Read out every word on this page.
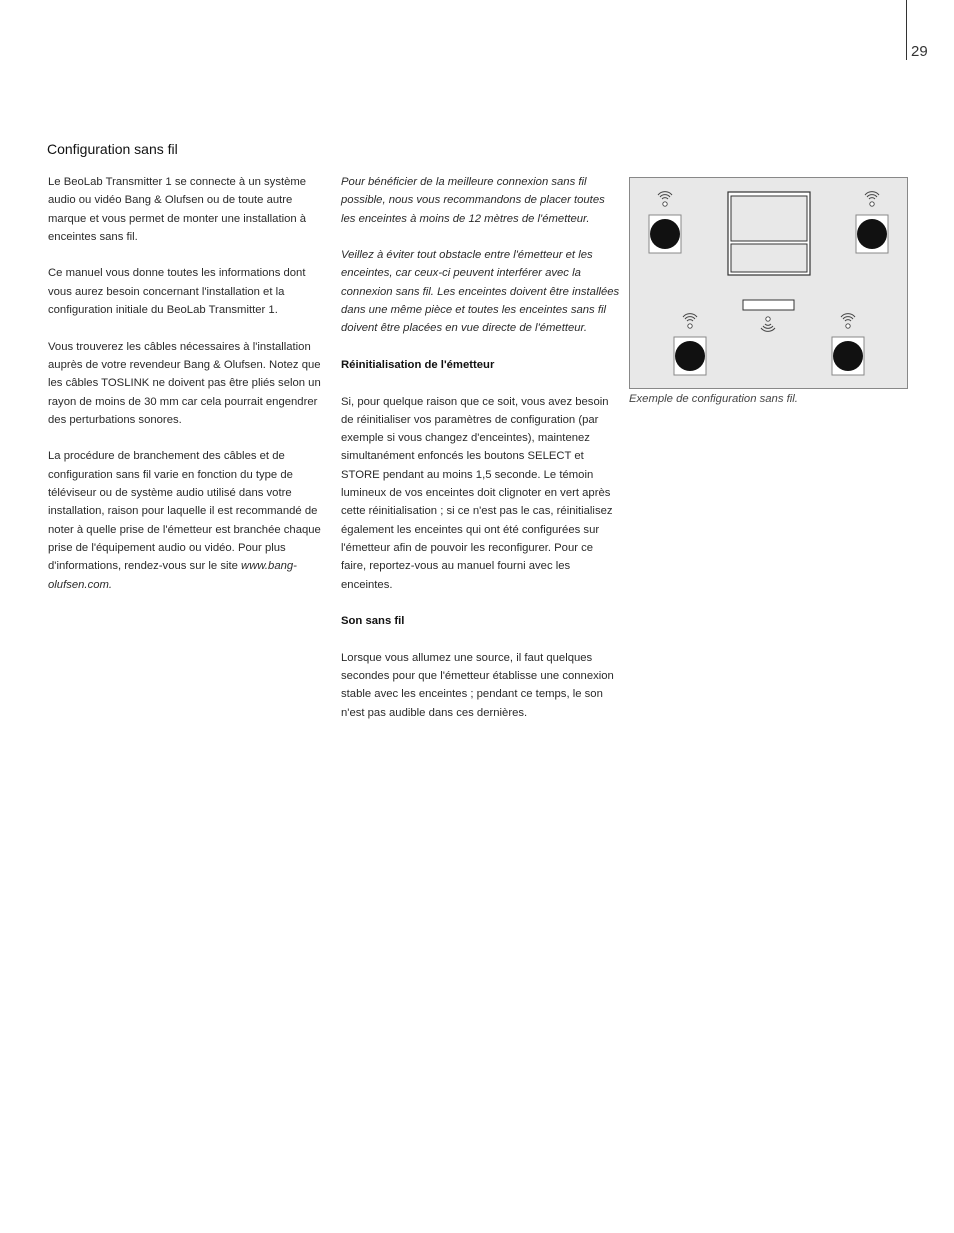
29
Configuration sans fil

Le BeoLab Transmitter 1 se connecte à un système audio ou vidéo Bang & Olufsen ou de toute autre marque et vous permet de monter une installation à enceintes sans fil.

Ce manuel vous donne toutes les informations dont vous aurez besoin concernant l'installation et la configuration initiale du BeoLab Transmitter 1.

Vous trouverez les câbles nécessaires à l'installation auprès de votre revendeur Bang & Olufsen. Notez que les câbles TOSLINK ne doivent pas être pliés selon un rayon de moins de 30 mm car cela pourrait engendrer des perturbations sonores.

La procédure de branchement des câbles et de configuration sans fil varie en fonction du type de téléviseur ou de système audio utilisé dans votre installation, raison pour laquelle il est recommandé de noter à quelle prise de l'émetteur est branchée chaque prise de l'équipement audio ou vidéo. Pour plus d'informations, rendez-vous sur le site www.bang-olufsen.com.

Pour bénéficier de la meilleure connexion sans fil possible, nous vous recommandons de placer toutes les enceintes à moins de 12 mètres de l'émetteur.

Veillez à éviter tout obstacle entre l'émetteur et les enceintes, car ceux-ci peuvent interférer avec la connexion sans fil. Les enceintes doivent être installées dans une même pièce et toutes les enceintes sans fil doivent être placées en vue directe de l'émetteur.

Réinitialisation de l'émetteur

Si, pour quelque raison que ce soit, vous avez besoin de réinitialiser vos paramètres de configuration (par exemple si vous changez d'enceintes), maintenez simultanément enfoncés les boutons SELECT et STORE pendant au moins 1,5 seconde. Le témoin lumineux de vos enceintes doit clignoter en vert après cette réinitialisation ; si ce n'est pas le cas, réinitialisez également les enceintes qui ont été configurées sur l'émetteur afin de pouvoir les reconfigurer. Pour ce faire, reportez-vous au manuel fourni avec les enceintes.

Son sans fil

Lorsque vous allumez une source, il faut quelques secondes pour que l'émetteur établisse une connexion stable avec les enceintes ; pendant ce temps, le son n'est pas audible dans ces dernières.

Exemple de configuration sans fil.
